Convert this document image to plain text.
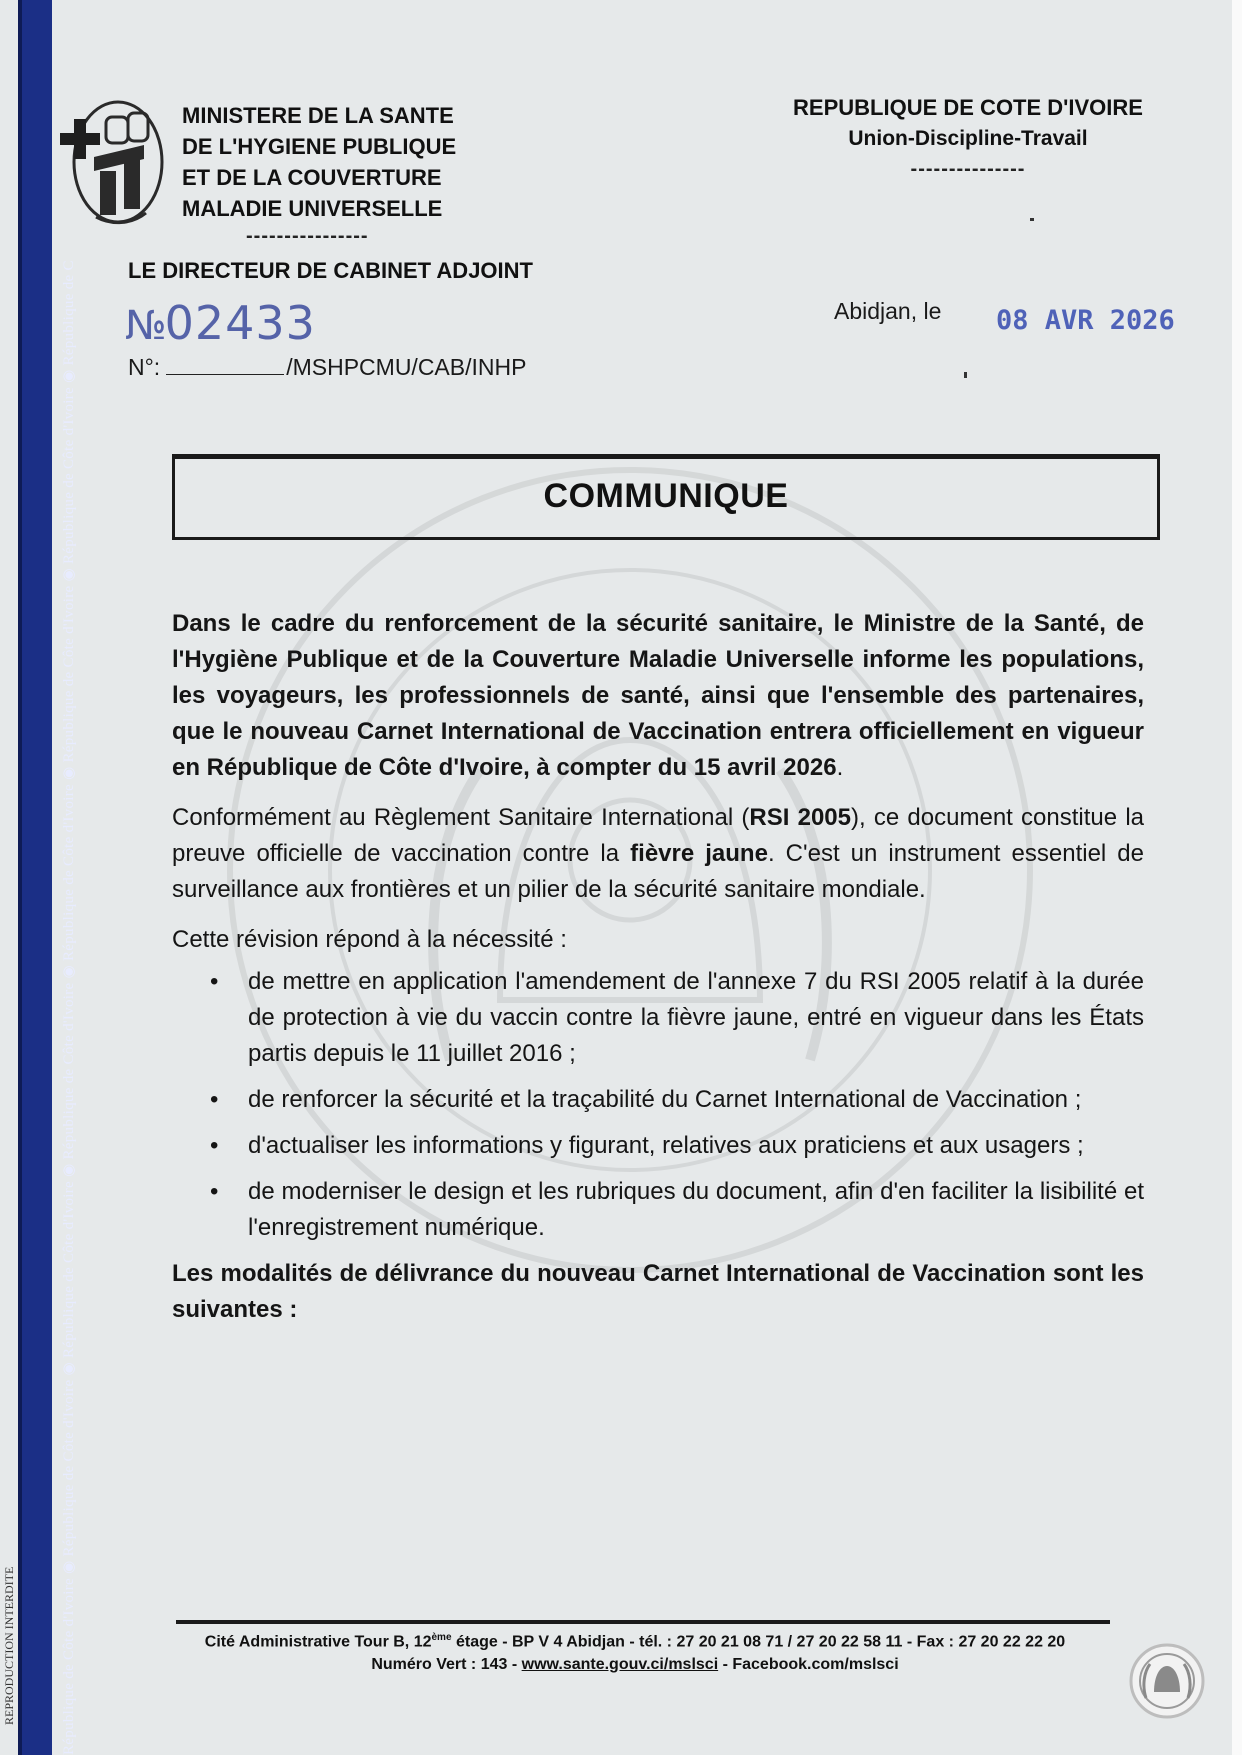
République de Côte d'Ivoire ◉ République de Côte d'Ivoire ◉ République de Côte d'Ivoire ◉ République de Côte d'Ivoire ◉ République de Côte d'Ivoire ◉ République de Côte d'Ivoire ◉ République de Côte d'Ivoire ◉ République de C
REPRODUCTION INTERDITE
MINISTERE DE LA SANTE
DE L'HYGIENE PUBLIQUE
ET DE LA COUVERTURE
MALADIE UNIVERSELLE
----------------
LE DIRECTEUR DE CABINET ADJOINT
№02433
N°:	/MSHPCMU/CAB/INHP
REPUBLIQUE DE COTE D'IVOIRE
Union-Discipline-Travail
---------------
Abidjan, le 08 AVR 2026
COMMUNIQUE

Dans le cadre du renforcement de la sécurité sanitaire, le Ministre de la Santé, de l'Hygiène Publique et de la Couverture Maladie Universelle informe les populations, les voyageurs, les professionnels de santé, ainsi que l'ensemble des partenaires, que le nouveau Carnet International de Vaccination entrera officiellement en vigueur en République de Côte d'Ivoire, à compter du 15 avril 2026.

Conformément au Règlement Sanitaire International (RSI 2005), ce document constitue la preuve officielle de vaccination contre la fièvre jaune. C'est un instrument essentiel de surveillance aux frontières et un pilier de la sécurité sanitaire mondiale.

Cette révision répond à la nécessité :

• de mettre en application l'amendement de l'annexe 7 du RSI 2005 relatif à la durée de protection à vie du vaccin contre la fièvre jaune, entré en vigueur dans les États partis depuis le 11 juillet 2016 ;
• de renforcer la sécurité et la traçabilité du Carnet International de Vaccination ;
• d'actualiser les informations y figurant, relatives aux praticiens et aux usagers ;
• de moderniser le design et les rubriques du document, afin d'en faciliter la lisibilité et l'enregistrement numérique.

Les modalités de délivrance du nouveau Carnet International de Vaccination sont les suivantes :

Cité Administrative Tour B, 12ème étage - BP V 4 Abidjan - tél. : 27 20 21 08 71 / 27 20 22 58 11 - Fax : 27 20 22 22 20
Numéro Vert : 143 - www.sante.gouv.ci/mslsci - Facebook.com/mslsci
